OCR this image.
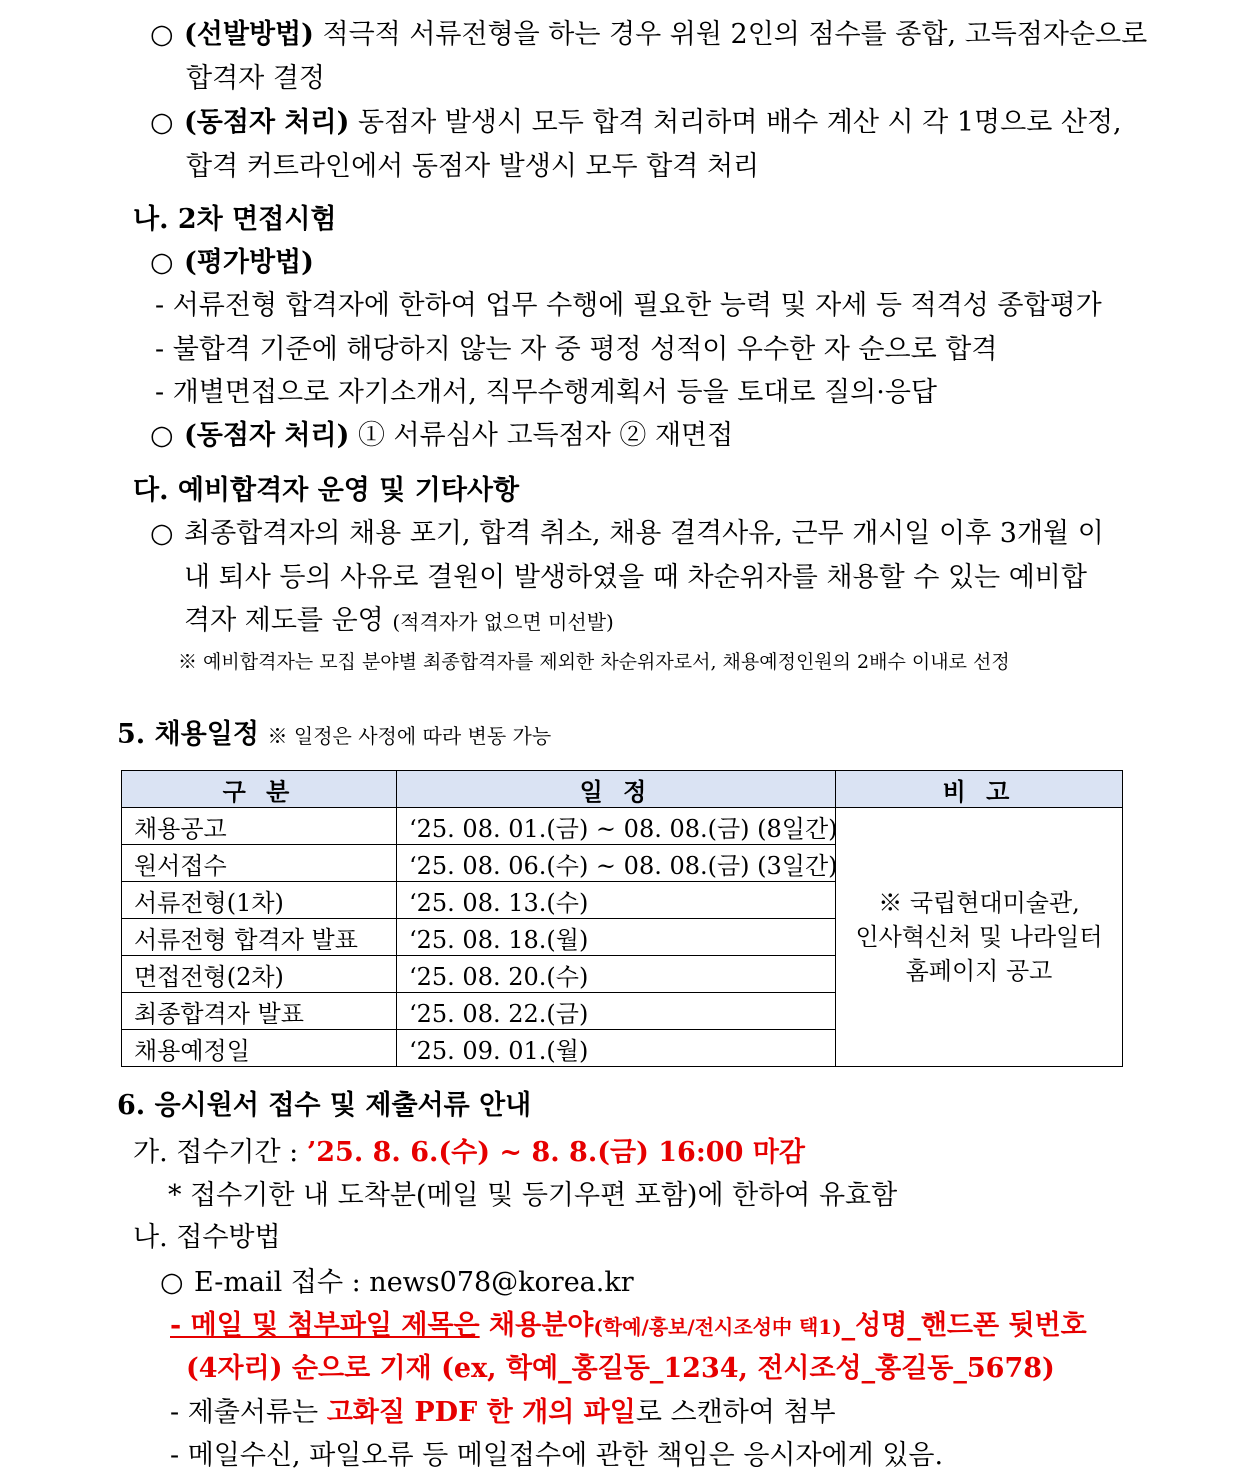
○ (선발방법) 적극적 서류전형을 하는 경우 위원 2인의 점수를 종합, 고득점자순으로
합격자 결정
○ (동점자 처리) 동점자 발생시 모두 합격 처리하며 배수 계산 시 각 1명으로 산정,
합격 커트라인에서 동점자 발생시 모두 합격 처리
나. 2차 면접시험
○ (평가방법)
- 서류전형 합격자에 한하여 업무 수행에 필요한 능력 및 자세 등 적격성 종합평가
- 불합격 기준에 해당하지 않는 자 중 평정 성적이 우수한 자 순으로 합격
- 개별면접으로 자기소개서, 직무수행계획서 등을 토대로 질의·응답
○ (동점자 처리) ① 서류심사 고득점자 ② 재면접
다. 예비합격자 운영 및 기타사항
○ 최종합격자의 채용 포기, 합격 취소, 채용 결격사유, 근무 개시일 이후 3개월 이
내 퇴사 등의 사유로 결원이 발생하였을 때 차순위자를 채용할 수 있는 예비합
격자 제도를 운영 (적격자가 없으면 미선발)
※ 예비합격자는 모집 분야별 최종합격자를 제외한 차순위자로서, 채용예정인원의 2배수 이내로 선정
5. 채용일정 ※ 일정은 사정에 따라 변동 가능
구 분	일 정	비 고
채용공고	‘25. 08. 01.(금) ~ 08. 08.(금) (8일간)	※ 국립현대미술관,
인사혁신처 및 나라일터
홈페이지 공고

원서접수	‘25. 08. 06.(수) ~ 08. 08.(금) (3일간)	
서류전형(1차)	‘25. 08. 13.(수)	
서류전형 합격자 발표	‘25. 08. 18.(월)	
면접전형(2차)	‘25. 08. 20.(수)	
최종합격자 발표	‘25. 08. 22.(금)	
채용예정일	‘25. 09. 01.(월)	
6. 응시원서 접수 및 제출서류 안내
가. 접수기간 : ’25. 8. 6.(수) ~ 8. 8.(금) 16:00 마감
* 접수기한 내 도착분(메일 및 등기우편 포함)에 한하여 유효함
나. 접수방법
○ E-mail 접수 : news078@korea.kr
- 메일 및 첨부파일 제목은 채용분야(학예/홍보/전시조성中 택1)_성명_핸드폰 뒷번호
(4자리) 순으로 기재 (ex, 학예_홍길동_1234, 전시조성_홍길동_5678)
- 제출서류는 고화질 PDF 한 개의 파일로 스캔하여 첨부
- 메일수신, 파일오류 등 메일접수에 관한 책임은 응시자에게 있음.
